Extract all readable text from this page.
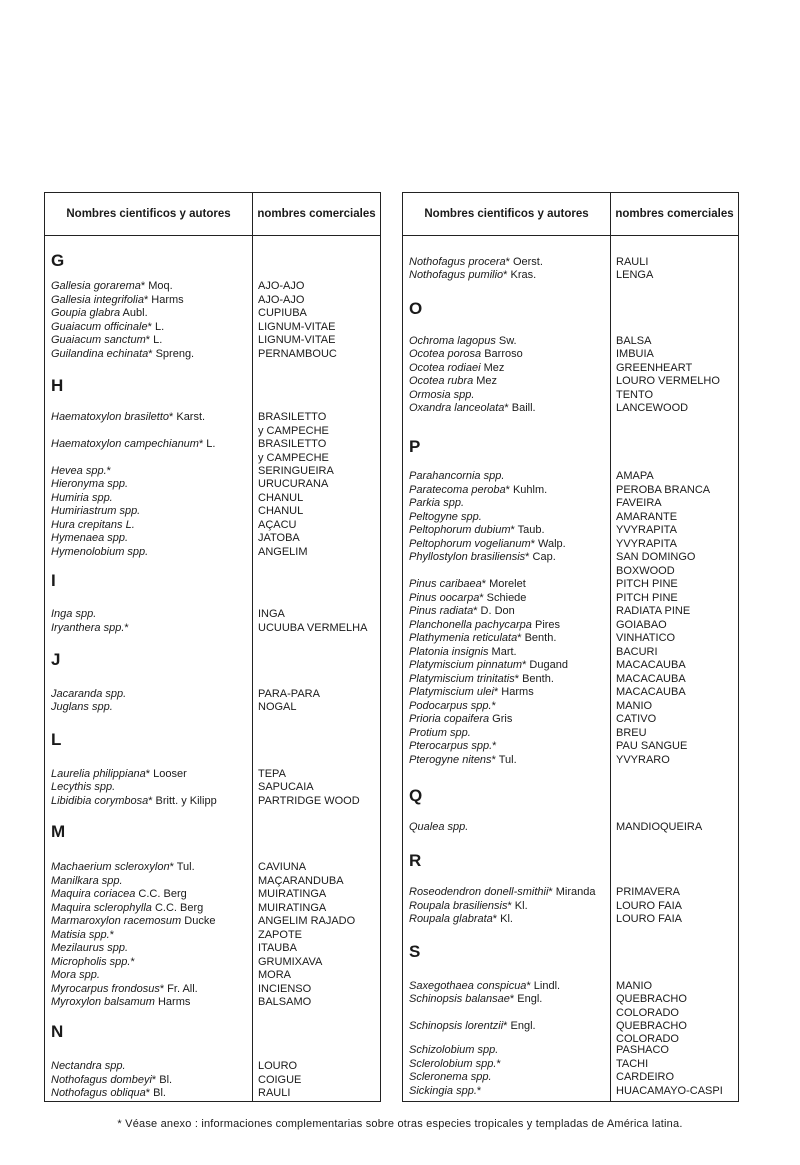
Nombres cientificos y autores	nombres comerciales
G
H
I
J
L
M
N
Gallesia gorarema* Moq.
Gallesia integrifolia* Harms
Goupia glabra Aubl.
Guaiacum officinale* L.
Guaiacum sanctum* L.
Guilandina echinata* Spreng.
Haematoxylon brasiletto* Karst.
Haematoxylon campechianum* L.
Hevea spp.*
Hieronyma spp.
Humiria spp.
Humiriastrum spp.
Hura crepitans L.
Hymenaea spp.
Hymenolobium spp.
Inga spp.
Iryanthera spp.*
Jacaranda spp.
Juglans spp.
Laurelia philippiana* Looser
Lecythis spp.
Libidibia corymbosa* Britt. y Kilipp
Machaerium scleroxylon* Tul.
Manilkara spp.
Maquira coriacea C.C. Berg
Maquira sclerophylla C.C. Berg
Marmaroxylon racemosum Ducke
Matisia spp.*
Mezilaurus spp.
Micropholis spp.*
Mora spp.
Myrocarpus frondosus* Fr. All.
Myroxylon balsamum Harms
Nectandra spp.
Nothofagus dombeyi* Bl.
Nothofagus obliqua* Bl.
AJO-AJO
AJO-AJO
CUPIUBA
LIGNUM-VITAE
LIGNUM-VITAE
PERNAMBOUC
BRASILETTO
y CAMPECHE
BRASILETTO
y CAMPECHE
SERINGUEIRA
URUCURANA
CHANUL
CHANUL
AÇACU
JATOBA
ANGELIM
INGA
UCUUBA VERMELHA
PARA-PARA
NOGAL
TEPA
SAPUCAIA
PARTRIDGE WOOD
CAVIUNA
MAÇARANDUBA
MUIRATINGA
MUIRATINGA
ANGELIM RAJADO
ZAPOTE
ITAUBA
GRUMIXAVA
MORA
INCIENSO
BALSAMO
LOURO
COIGUE
RAULI
Nombres cientificos y autores	nombres comerciales
O
P
Q
R
S
Nothofagus procera* Oerst.
Nothofagus pumilio* Kras.
Ochroma lagopus Sw.
Ocotea porosa Barroso
Ocotea rodiaei Mez
Ocotea rubra Mez
Ormosia spp.
Oxandra lanceolata* Baill.
Parahancornia spp.
Paratecoma peroba* Kuhlm.
Parkia spp.
Peltogyne spp.
Peltophorum dubium* Taub.
Peltophorum vogelianum* Walp.
Phyllostylon brasiliensis* Cap.
Pinus caribaea* Morelet
Pinus oocarpa* Schiede
Pinus radiata* D. Don
Planchonella pachycarpa Pires
Plathymenia reticulata* Benth.
Platonia insignis Mart.
Platymiscium pinnatum* Dugand
Platymiscium trinitatis* Benth.
Platymiscium ulei* Harms
Podocarpus spp.*
Prioria copaifera Gris
Protium spp.
Pterocarpus spp.*
Pterogyne nitens* Tul.
Qualea spp.
Roseodendron donell-smithii* Miranda
Roupala brasiliensis* Kl.
Roupala glabrata* Kl.
Saxegothaea conspicua* Lindl.
Schinopsis balansae* Engl.
Schinopsis lorentzii* Engl.
Schizolobium spp.
Sclerolobium spp.*
Scleronema spp.
Sickingia spp.*
RAULI
LENGA
BALSA
IMBUIA
GREENHEART
LOURO VERMELHO
TENTO
LANCEWOOD
AMAPA
PEROBA BRANCA
FAVEIRA
AMARANTE
YVYRAPITA
YVYRAPITA
SAN DOMINGO
BOXWOOD
PITCH PINE
PITCH PINE
RADIATA PINE
GOIABAO
VINHATICO
BACURI
MACACAUBA
MACACAUBA
MACACAUBA
MANIO
CATIVO
BREU
PAU SANGUE
YVYRARO
MANDIOQUEIRA
PRIMAVERA
LOURO FAIA
LOURO FAIA
MANIO
QUEBRACHO
COLORADO
QUEBRACHO
COLORADO
PASHACO
TACHI
CARDEIRO
HUACAMAYO-CASPI
* Véase anexo : informaciones complementarias sobre otras especies tropicales y templadas de América latina.
